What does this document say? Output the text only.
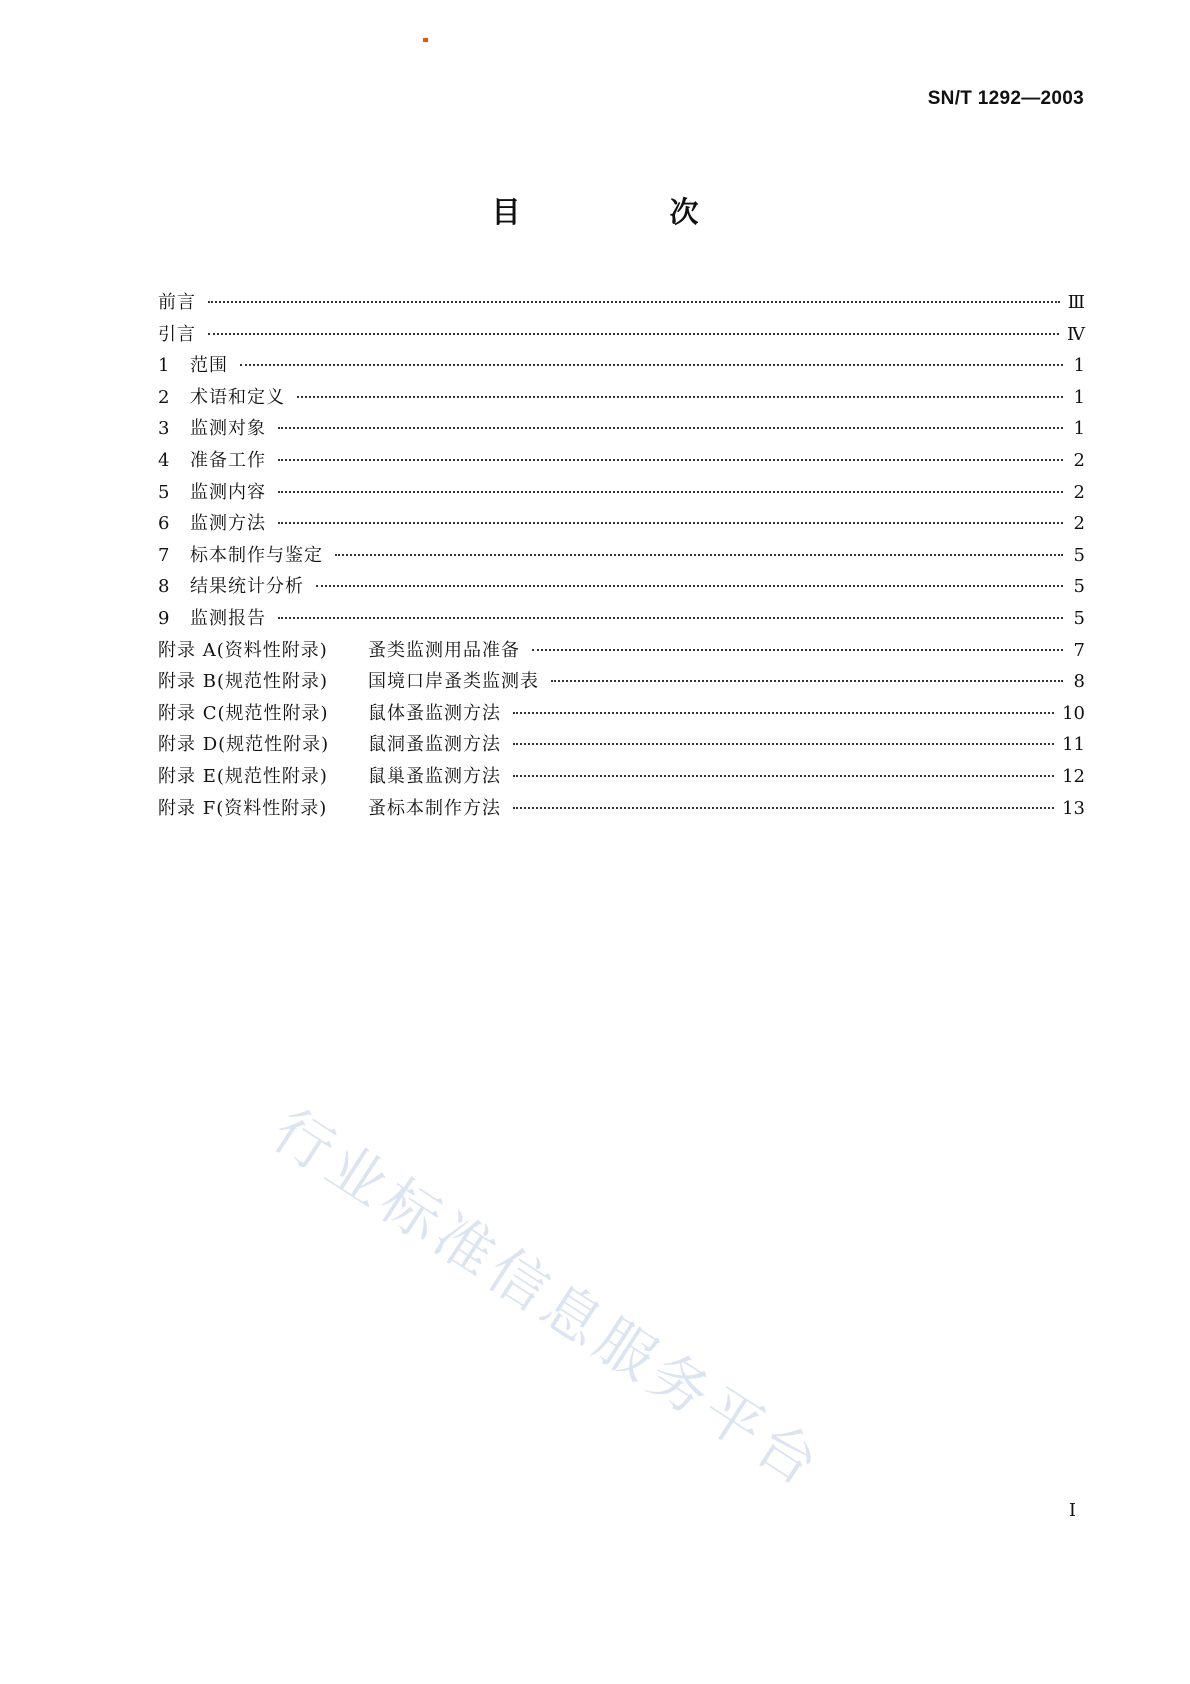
SN/T 1292—2003
目　次
前言	Ⅲ
引言	Ⅳ
1	范围	1
2	术语和定义	1
3	监测对象	1
4	准备工作	2
5	监测内容	2
6	监测方法	2
7	标本制作与鉴定	5
8	结果统计分析	5
9	监测报告	5
附录 A(资料性附录)	蚤类监测用品准备	7
附录 B(规范性附录)	国境口岸蚤类监测表	8
附录 C(规范性附录)	鼠体蚤监测方法	10
附录 D(规范性附录)	鼠洞蚤监测方法	11
附录 E(规范性附录)	鼠巢蚤监测方法	12
附录 F(资料性附录)	蚤标本制作方法	13
行业标准信息服务平台
I
